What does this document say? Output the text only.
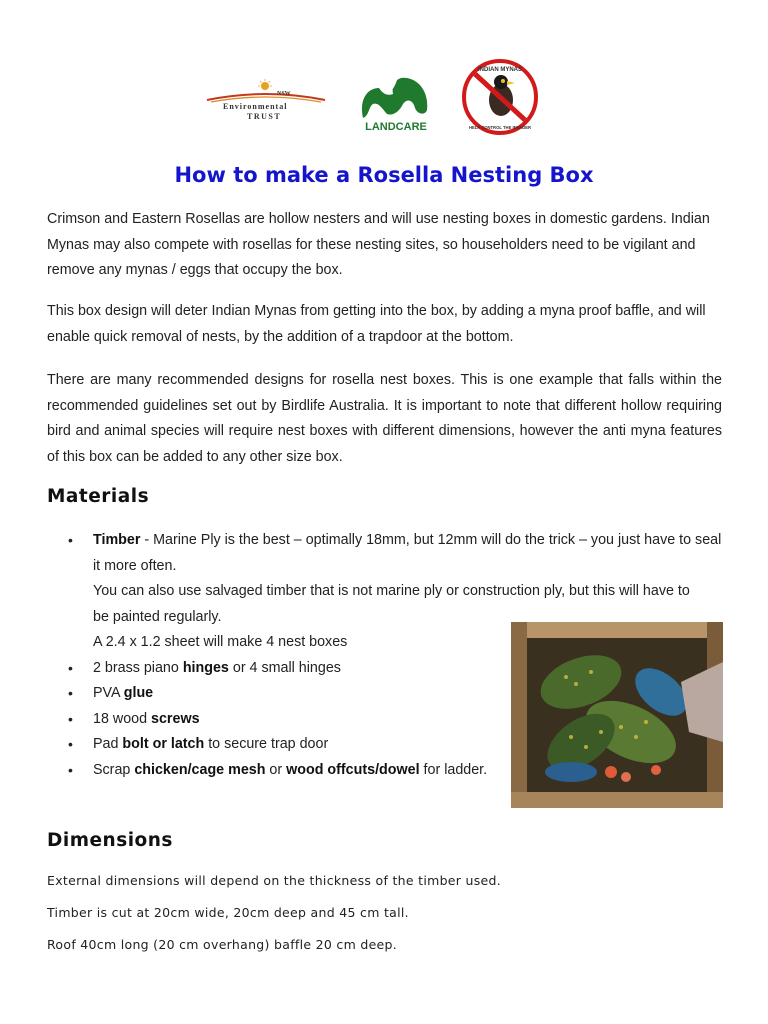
NSW
Environmental
TRUST
LANDCARE
INDIAN MYNAS
HELP CONTROL THE INVADER
How to make a Rosella Nesting Box

Crimson and Eastern Rosellas are hollow nesters and will use nesting boxes in domestic gardens. Indian Mynas may also compete with rosellas for these nesting sites, so householders need to be vigilant and remove any mynas / eggs that occupy the box.

This box design will deter Indian Mynas from getting into the box, by adding a myna proof baffle, and will enable quick removal of nests, by the addition of a trapdoor at the bottom.

There are many recommended designs for rosella nest boxes. This is one example that falls within the recommended guidelines set out by Birdlife Australia. It is important to note that different hollow requiring bird and animal species will require nest boxes with different dimensions, however the anti myna features of this box can be added to any other size box.

Materials
• Timber - Marine Ply is the best – optimally 18mm, but 12mm will do the trick – you just have to seal it more often.
You can also use salvaged timber that is not marine ply or construction ply, but this will have to be painted regularly.
A 2.4 x 1.2 sheet will make 4 nest boxes
• 2 brass piano hinges or 4 small hinges
• PVA glue
• 18 wood screws
• Pad bolt or latch to secure trap door
• Scrap chicken/cage mesh or wood offcuts/dowel for ladder.
Dimensions

External dimensions will depend on the thickness of the timber used.

Timber is cut at 20cm wide, 20cm deep and 45 cm tall.

Roof 40cm long (20 cm overhang) baffle 20 cm deep.
